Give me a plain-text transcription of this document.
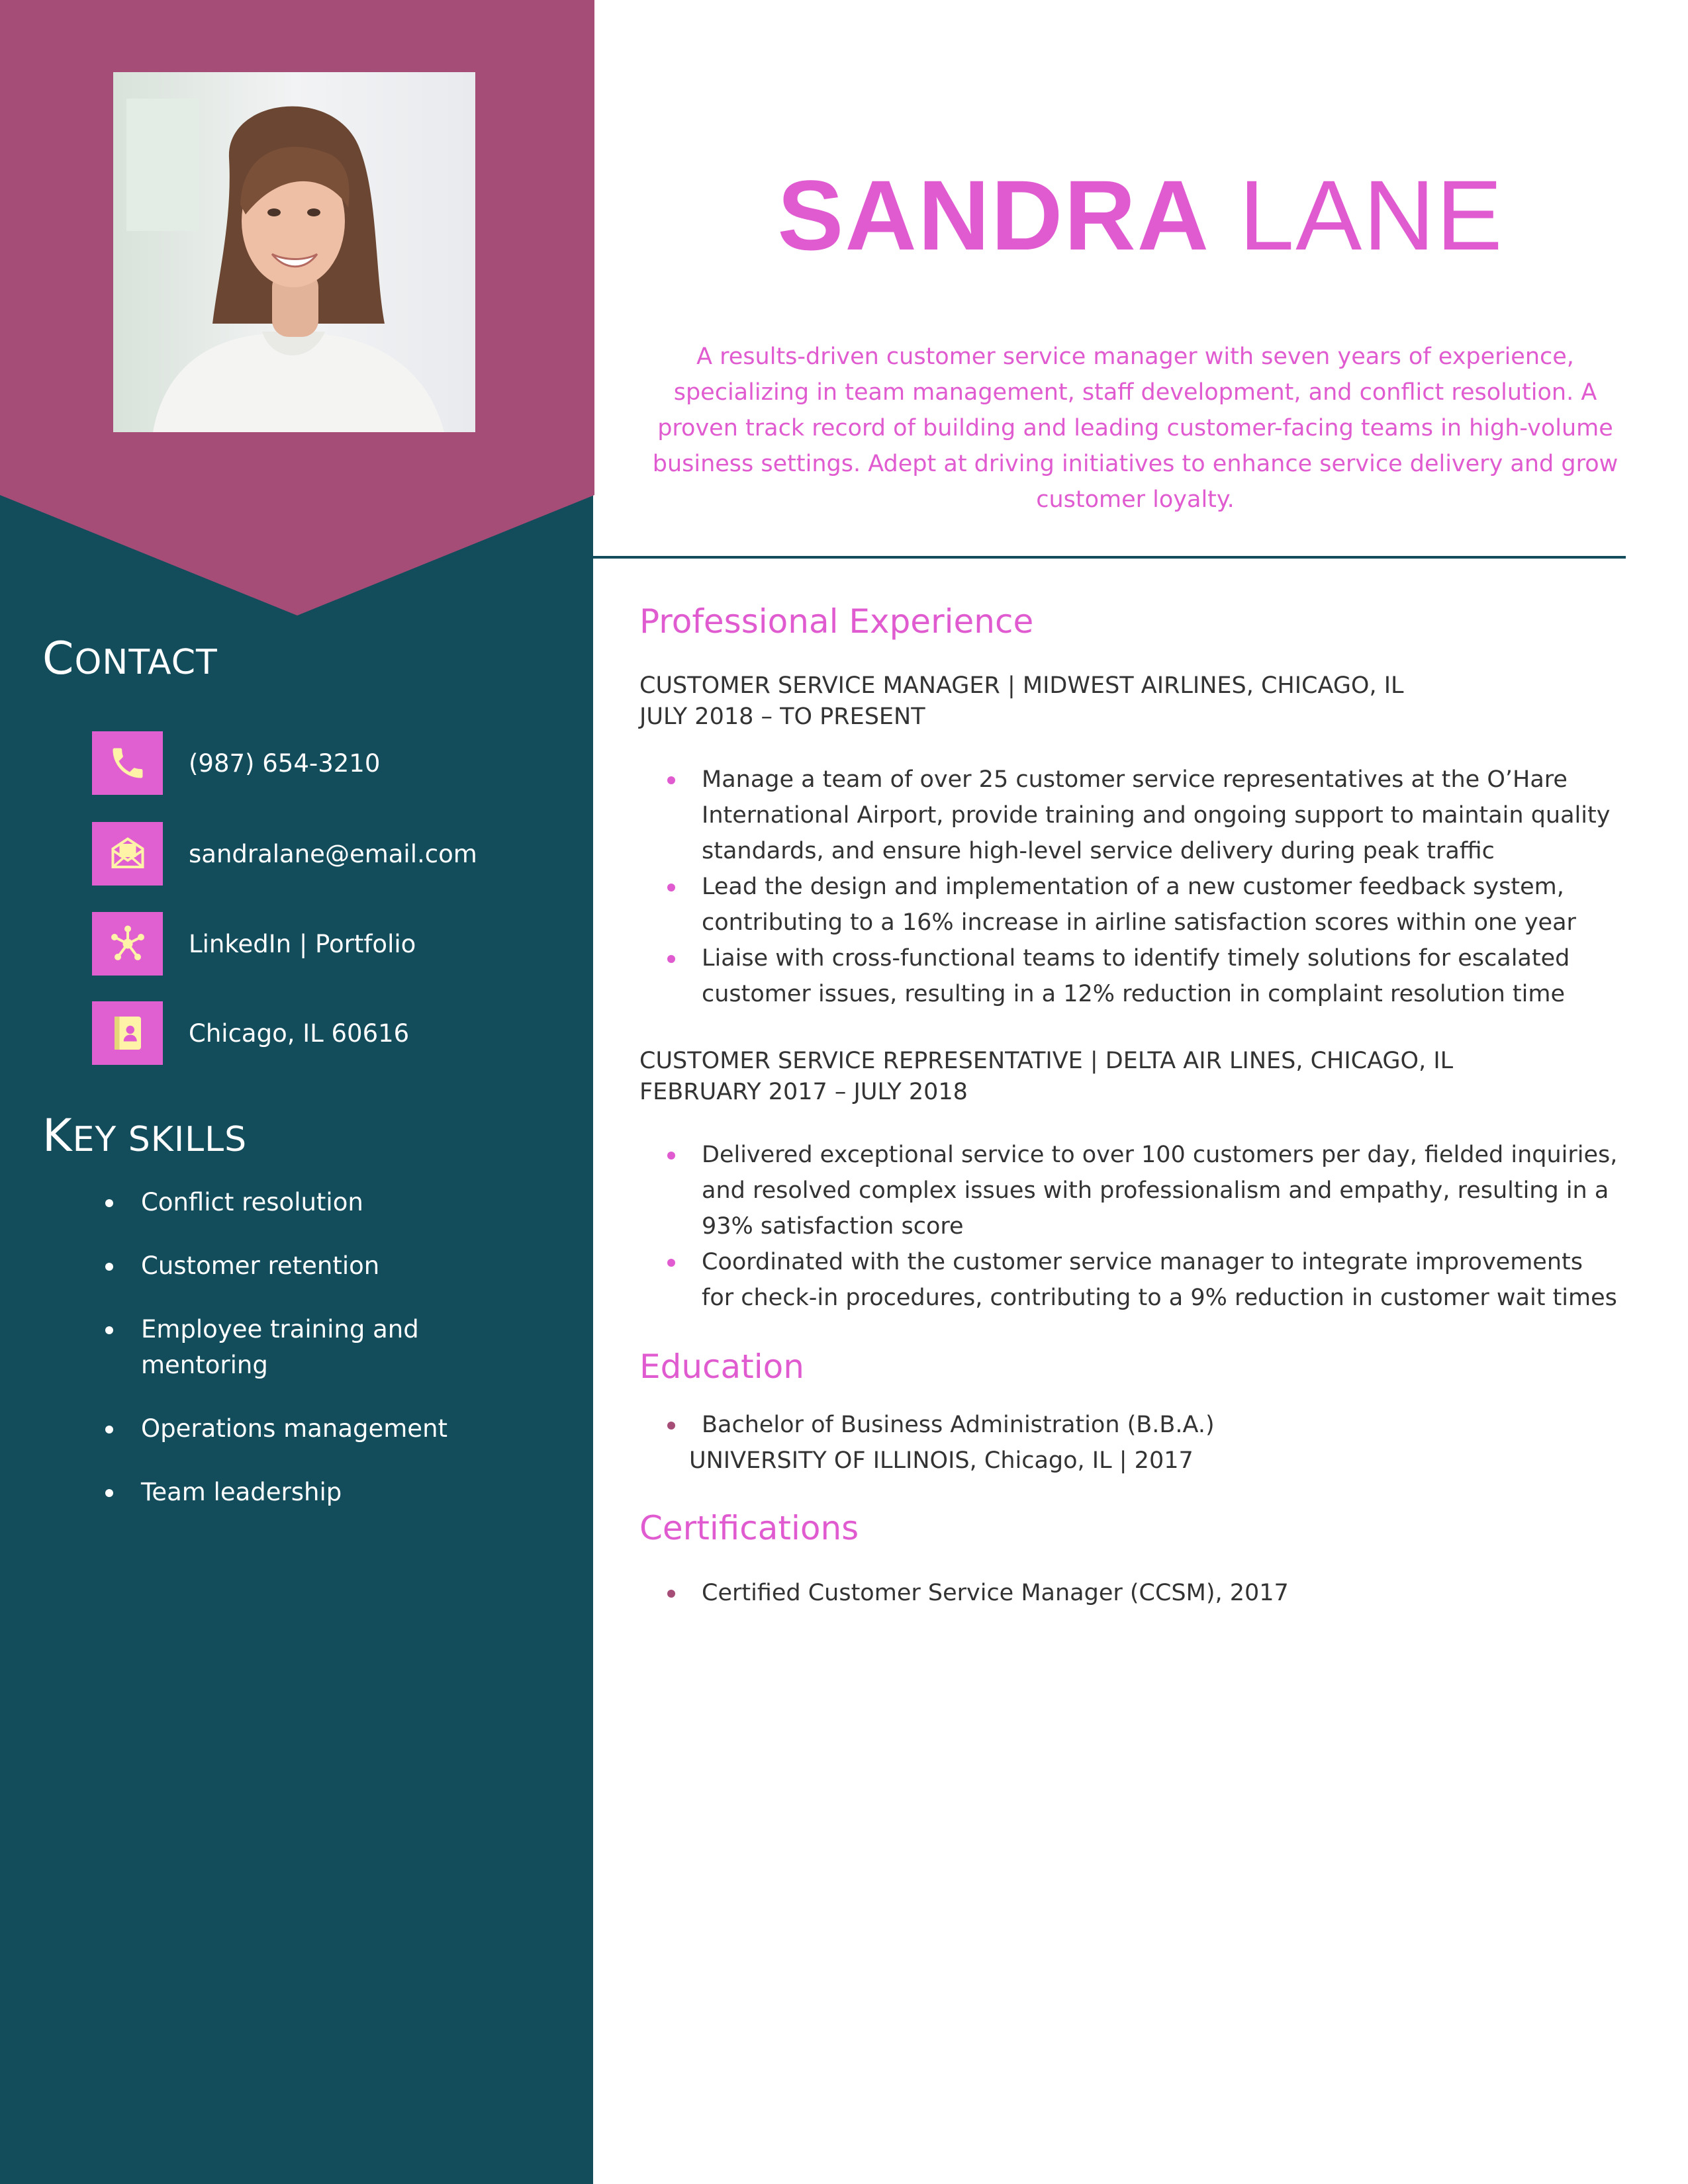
CONTACT
(987) 654-3210
sandralane@email.com
LinkedIn | Portfolio
Chicago, IL 60616
KEY SKILLS
Conflict resolution
Customer retention
Employee training and mentoring
Operations management
Team leadership
SANDRA LANE

A results-driven customer service manager with seven years of experience, specializing in team management, staff development, and conflict resolution. A proven track record of building and leading customer-facing teams in high-volume business settings. Adept at driving initiatives to enhance service delivery and grow customer loyalty.

Professional Experience

CUSTOMER SERVICE MANAGER | MIDWEST AIRLINES, CHICAGO, IL

JULY 2018 – TO PRESENT

Manage a team of over 25 customer service representatives at the O’Hare International Airport, provide training and ongoing support to maintain quality standards, and ensure high-level service delivery during peak traffic
Lead the design and implementation of a new customer feedback system, contributing to a 16% increase in airline satisfaction scores within one year
Liaise with cross-functional teams to identify timely solutions for escalated customer issues, resulting in a 12% reduction in complaint resolution time

CUSTOMER SERVICE REPRESENTATIVE | DELTA AIR LINES, CHICAGO, IL

FEBRUARY 2017 – JULY 2018

Delivered exceptional service to over 100 customers per day, fielded inquiries, and resolved complex issues with professionalism and empathy, resulting in a 93% satisfaction score
Coordinated with the customer service manager to integrate improvements for check-in procedures, contributing to a 9% reduction in customer wait times
Education
Bachelor of Business Administration (B.B.A.)

UNIVERSITY OF ILLINOIS, Chicago, IL | 2017

Certifications
Certified Customer Service Manager (CCSM), 2017
